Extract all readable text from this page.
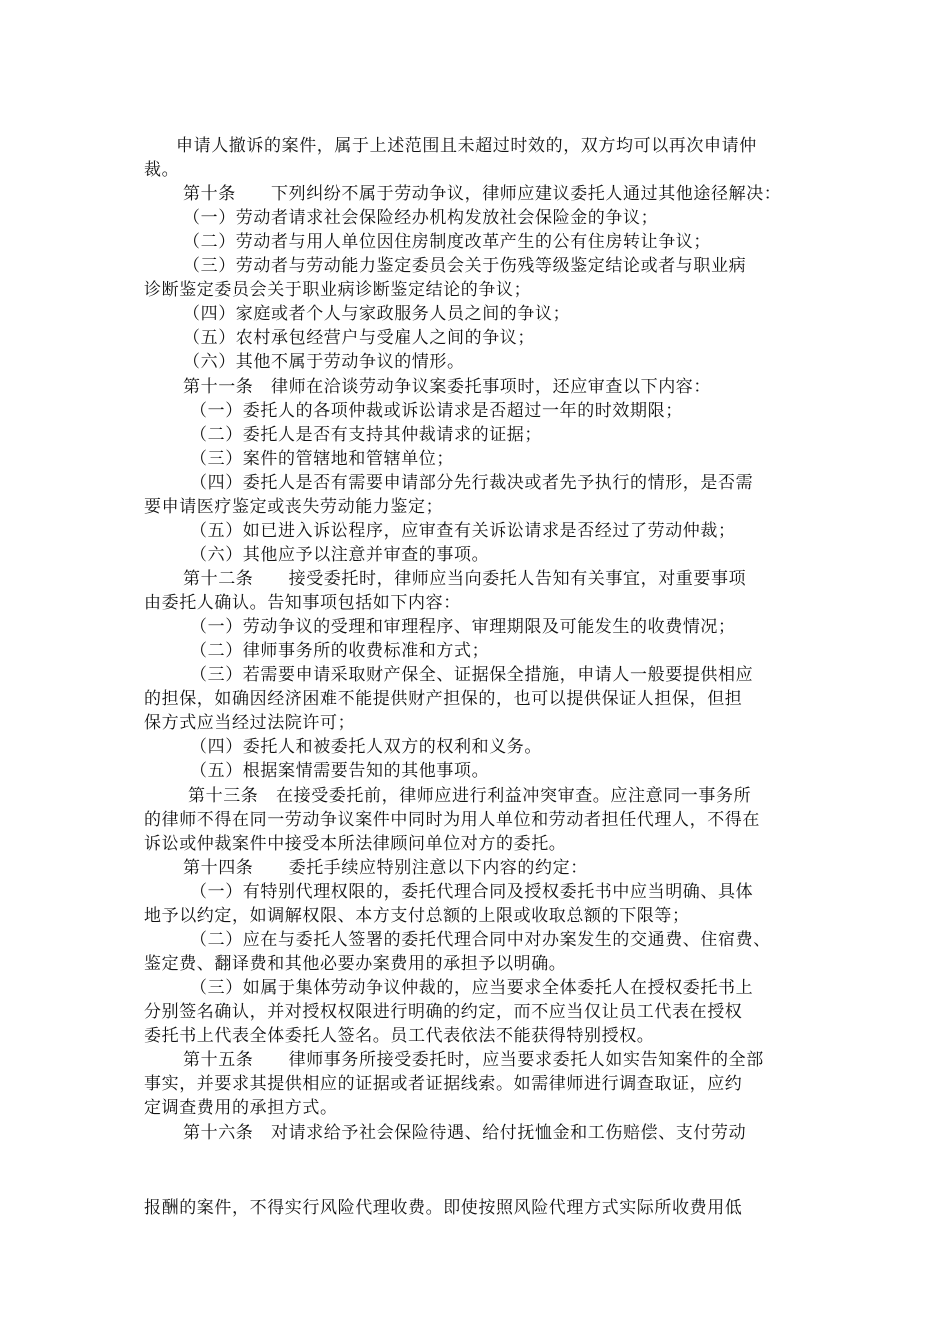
申请人撤诉的案件，属于上述范围且未超过时效的，双方均可以再次申请仲
裁。
第十条　　下列纠纷不属于劳动争议，律师应建议委托人通过其他途径解决：
（一）劳动者请求社会保险经办机构发放社会保险金的争议；
（二）劳动者与用人单位因住房制度改革产生的公有住房转让争议；
（三）劳动者与劳动能力鉴定委员会关于伤残等级鉴定结论或者与职业病
诊断鉴定委员会关于职业病诊断鉴定结论的争议；
（四）家庭或者个人与家政服务人员之间的争议；
（五）农村承包经营户与受雇人之间的争议；
（六）其他不属于劳动争议的情形。
第十一条　律师在洽谈劳动争议案委托事项时，还应审查以下内容：
（一）委托人的各项仲裁或诉讼请求是否超过一年的时效期限；
（二）委托人是否有支持其仲裁请求的证据；
（三）案件的管辖地和管辖单位；
（四）委托人是否有需要申请部分先行裁决或者先予执行的情形，是否需
要申请医疗鉴定或丧失劳动能力鉴定；
（五）如已进入诉讼程序，应审查有关诉讼请求是否经过了劳动仲裁；
（六）其他应予以注意并审查的事项。
第十二条　　接受委托时，律师应当向委托人告知有关事宜，对重要事项
由委托人确认。告知事项包括如下内容：
（一）劳动争议的受理和审理程序、审理期限及可能发生的收费情况；
（二）律师事务所的收费标准和方式；
（三）若需要申请采取财产保全、证据保全措施，申请人一般要提供相应
的担保，如确因经济困难不能提供财产担保的，也可以提供保证人担保，但担
保方式应当经过法院许可；
（四）委托人和被委托人双方的权利和义务。
（五）根据案情需要告知的其他事项。
第十三条　在接受委托前，律师应进行利益冲突审查。应注意同一事务所
的律师不得在同一劳动争议案件中同时为用人单位和劳动者担任代理人，不得在
诉讼或仲裁案件中接受本所法律顾问单位对方的委托。
第十四条　　委托手续应特别注意以下内容的约定：
（一）有特别代理权限的，委托代理合同及授权委托书中应当明确、具体
地予以约定，如调解权限、本方支付总额的上限或收取总额的下限等；
（二）应在与委托人签署的委托代理合同中对办案发生的交通费、住宿费、
鉴定费、翻译费和其他必要办案费用的承担予以明确。
（三）如属于集体劳动争议仲裁的，应当要求全体委托人在授权委托书上
分别签名确认，并对授权权限进行明确的约定，而不应当仅让员工代表在授权
委托书上代表全体委托人签名。员工代表依法不能获得特别授权。
第十五条　　律师事务所接受委托时，应当要求委托人如实告知案件的全部
事实，并要求其提供相应的证据或者证据线索。如需律师进行调查取证，应约
定调查费用的承担方式。
第十六条　对请求给予社会保险待遇、给付抚恤金和工伤赔偿、支付劳动
报酬的案件，不得实行风险代理收费。即使按照风险代理方式实际所收费用低
